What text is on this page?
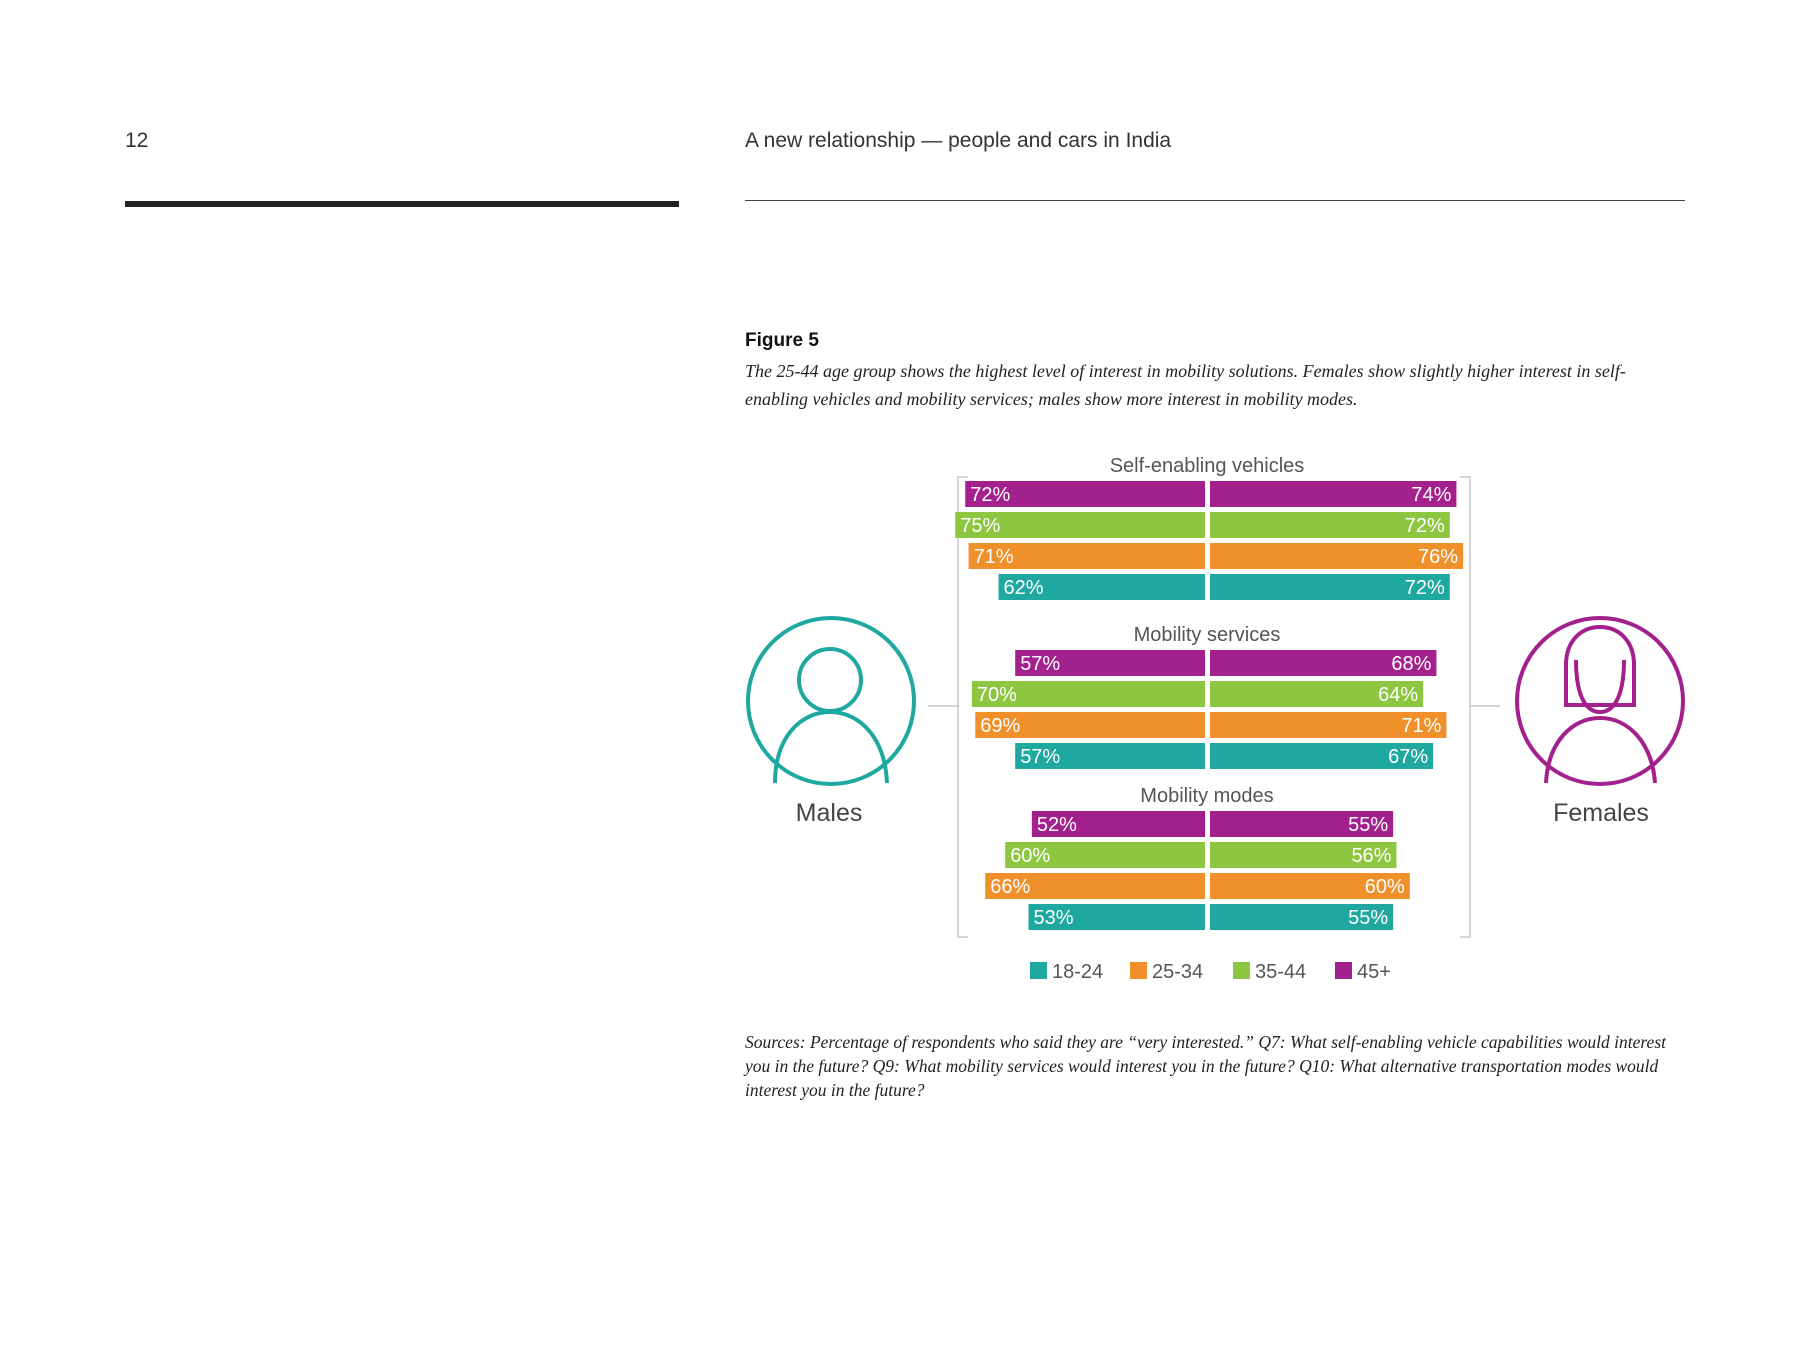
12	A new relationship — people and cars in India
Figure 5
The 25-44 age group shows the highest level of interest in mobility solutions. Females show slightly higher interest in self-enabling vehicles and mobility services; males show more interest in mobility modes.
Self-enabling vehicles
72%	74%
75%	72%
71%	76%
62%	72%
Mobility services
57%	68%
70%	64%
69%	71%
57%	67%
Mobility modes
52%	55%
60%	56%
66%	60%
53%	55%
Males	Females
18-24 25-34	35-44	45+
Sources: Percentage of respondents who said they are “very interested.” Q7: What self-enabling vehicle capabilities would interest you in the future? Q9: What mobility services would interest you in the future? Q10: What alternative transportation modes would interest you in the future?
